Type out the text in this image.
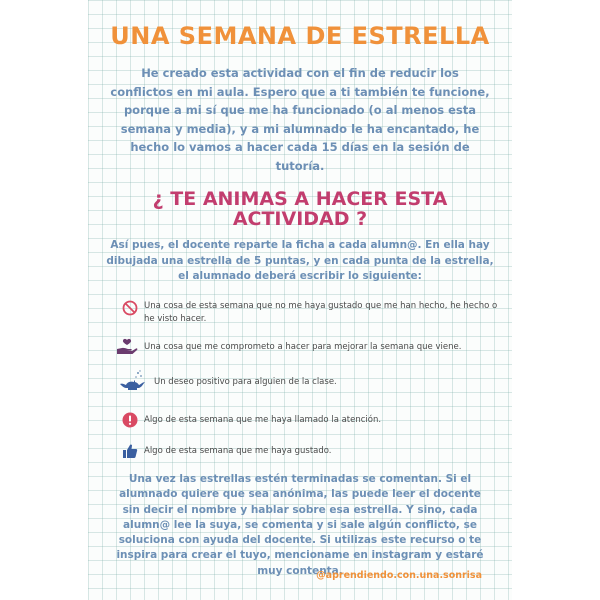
UNA SEMANA DE ESTRELLA
He creado esta actividad con el fin de reducir los conflictos en mi aula. Espero que a ti también te funcione, porque a mi sí que me ha funcionado (o al menos esta semana y media), y a mi alumnado le ha encantado, he hecho lo vamos a hacer cada 15 días en la sesión de tutoría.
¿ TE ANIMAS A HACER ESTA ACTIVIDAD ?
Así pues, el docente reparte la ficha a cada alumn@. En ella hay dibujada una estrella de 5 puntas, y en cada punta de la estrella, el alumnado deberá escribir lo siguiente:
Una cosa de esta semana que no me haya gustado que me han hecho, he hecho o he visto hacer.
Una cosa que me comprometo a hacer para mejorar la semana que viene.
Un deseo positivo para alguien de la clase.
Algo de esta semana que me haya llamado la atención.
Algo de esta semana que me haya gustado.
Una vez las estrellas estén terminadas se comentan. Si el alumnado quiere que sea anónima, las puede leer el docente sin decir el nombre y hablar sobre esa estrella. Y sino, cada alumn@ lee la suya, se comenta y si sale algún conflicto, se soluciona con ayuda del docente. Si utilizas este recurso o te inspira para crear el tuyo, mencioname en instagram y estaré muy contenta.
@aprendiendo.con.una.sonrisa
